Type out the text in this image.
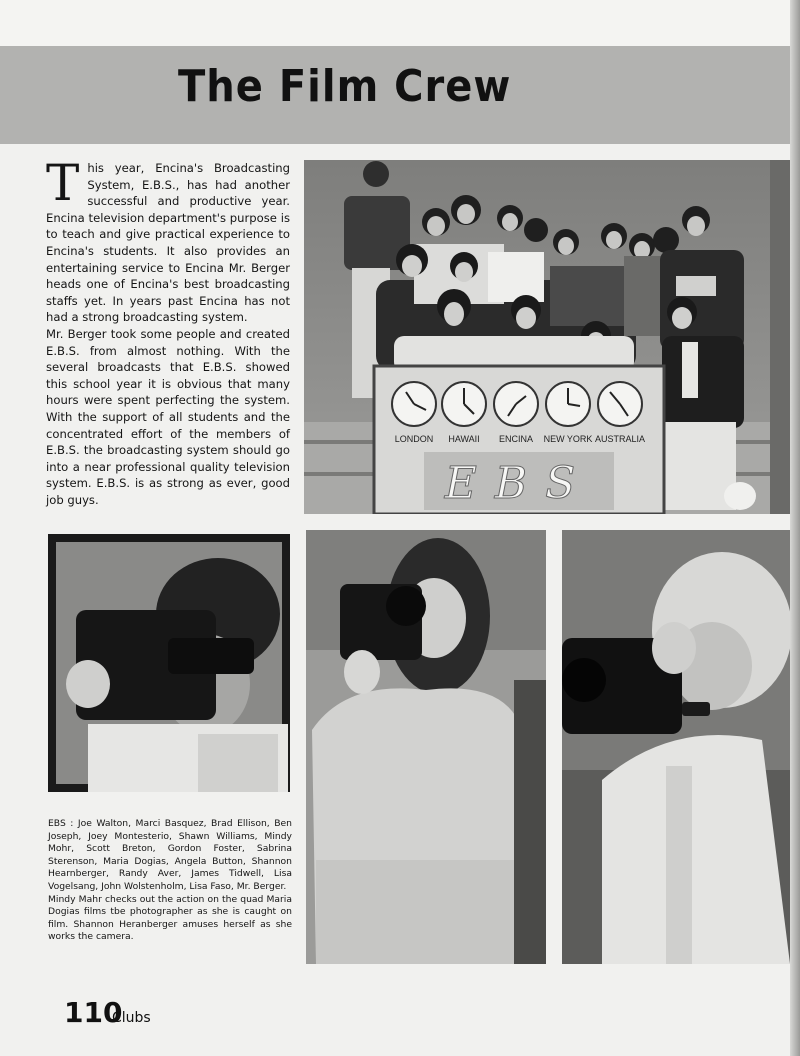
The Film Crew

This year, Encina's Broadcasting System, E.B.S., has had another successful and productive year. Encina television department's purpose is to teach and give practical experience to Encina's students. It also provides an entertaining service to Encina Mr. Berger heads one of Encina's best broadcasting staffs yet. In years past Encina has not had a strong broadcasting system.

Mr. Berger took some people and created E.B.S. from almost nothing. With the several broadcasts that E.B.S. showed this school year it is obvious that many hours were spent perfecting the system. With the support of all students and the concentrated effort of the members of E.B.S. the broadcasting system should go into a near professional quality television system. E.B.S. is as strong as ever, good job guys.

LONDON HAWAII ENCINA NEW YORK AUSTRALIA
EBS

EBS : Joe Walton, Marci Basquez, Brad Ellison, Ben Joseph, Joey Montesterio, Shawn Williams, Mindy Mohr, Scott Breton, Gordon Foster, Sabrina Sterenson, Maria Dogias, Angela Button, Shannon Hearnberger, Randy Aver, James Tidwell, Lisa Vogelsang, John Wolstenholm, Lisa Faso, Mr. Berger.

Mindy Mahr checks out the action on the quad Maria Dogias films tbe photographer as she is caught on film. Shannon Heranberger amuses herself as she works the camera.

110
Clubs
